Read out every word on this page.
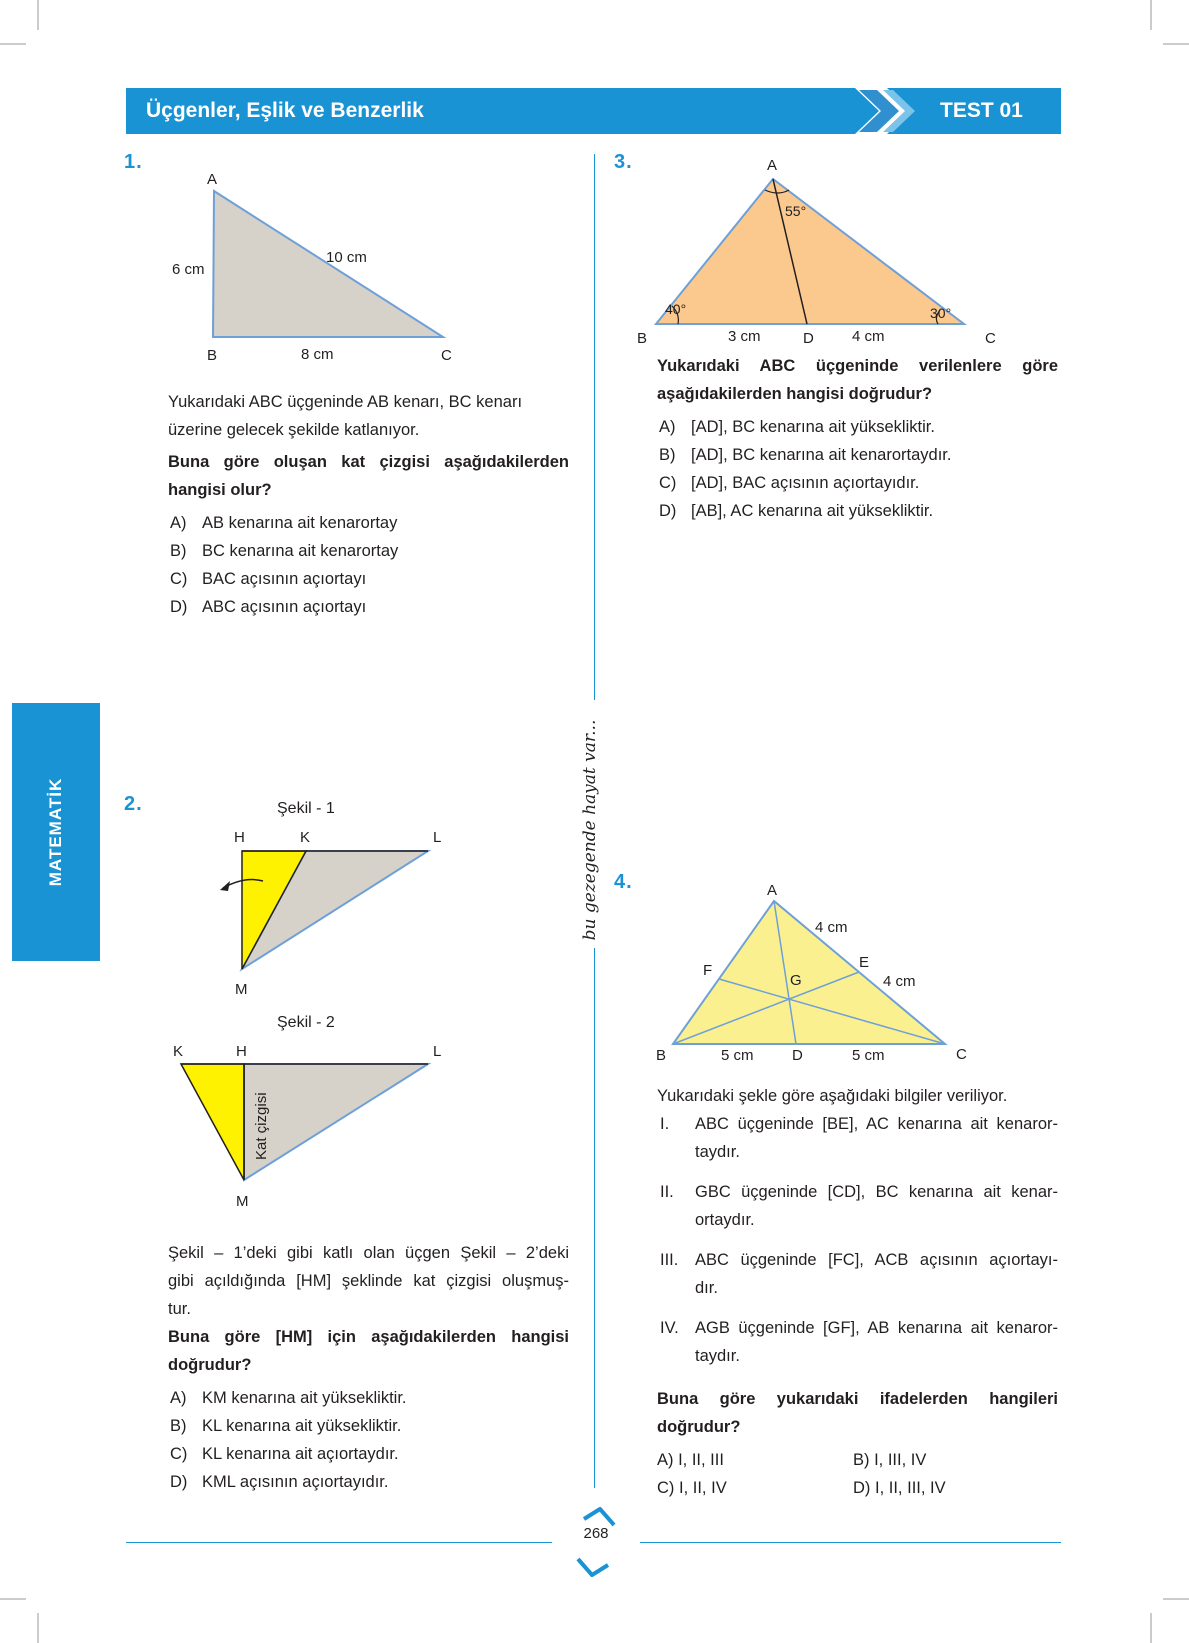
Üçgenler, Eşlik ve Benzerlik	TEST 01
MATEMATİK	bu gezegende hayat var...
1.
A
B	C
6 cm
10 cm
8 cm
Yukarıdaki ABC üçgeninde AB kenarı, BC kenarı üzerine gelecek şekilde katlanıyor.
Buna göre oluşan kat çizgisi aşağıdakilerden hangisi olur?
A) AB kenarına ait kenarortay
B) BC kenarına ait kenarortay
C) BAC açısının açıortayı
D) ABC açısının açıortayı
2.	Şekil - 1
H	K	L
M
Şekil - 2
K	H	L
M
Kat çizgisi
Şekil – 1’deki gibi katlı olan üçgen Şekil – 2’deki
gibi açıldığında [HM] şeklinde kat çizgisi oluşmuş-
tur.
Buna göre [HM] için aşağıdakilerden hangisi doğrudur?
A) KM kenarına ait yüksekliktir.
B) KL kenarına ait yüksekliktir.
C) KL kenarına ait açıortaydır.
D) KML açısının açıortayıdır.
3.	A
B	D	C
55°
40°	30°
3 cm	4 cm
Yukarıdaki ABC üçgeninde verilenlere göre aşağıdakilerden hangisi doğrudur?
A) [AD], BC kenarına ait yüksekliktir.
B) [AD], BC kenarına ait kenarortaydır.
C) [AD], BAC açısının açıortayıdır.
D) [AB], AC kenarına ait yüksekliktir.
4.	A
B	D	C
E
F
G
4 cm
4 cm
5 cm	5 cm
Yukarıdaki şekle göre aşağıdaki bilgiler veriliyor.
I. ABC üçgeninde [BE], AC kenarına ait kenaror-
taydır.
II. GBC üçgeninde [CD], BC kenarına ait kenar-
ortaydır.
III. ABC üçgeninde [FC], ACB açısının açıortayı-
dır.
IV. AGB üçgeninde [GF], AB kenarına ait kenaror-
taydır.
Buna göre yukarıdaki ifadelerden hangileri doğrudur?
A) I, II, III	B) I, III, IV
C) I, II, IV	D) I, II, III, IV
268
